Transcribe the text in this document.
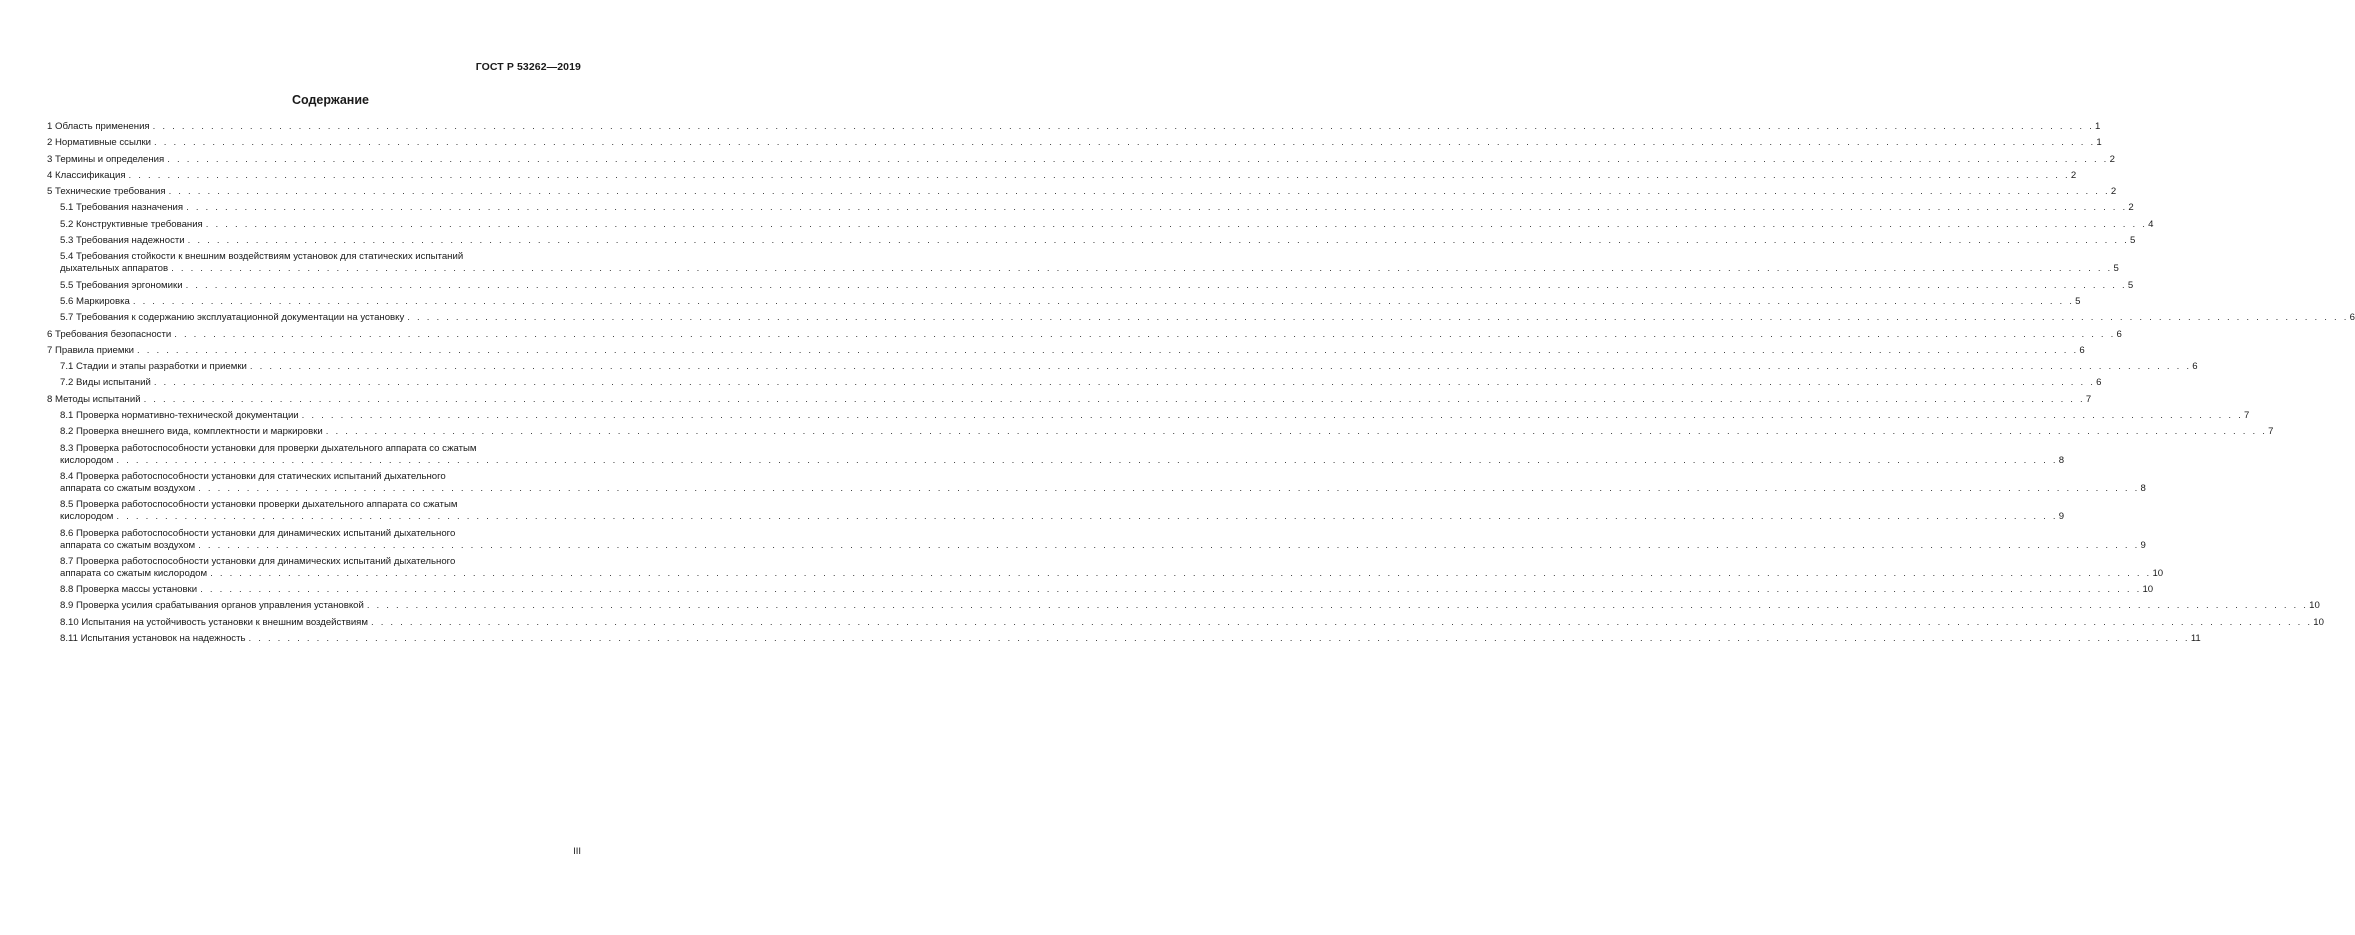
ГОСТ Р 53262—2019
Содержание
1 Область применения . . . . . . . . . . . . . . . . . . . . . . . . . . . . . . . . . . . . . . . . . . . . . . . . . . . . . . . . . . . . . . . . . . . . . . . . . . . . . . . . . . . . . . . . . . . . . . . . . . . . . . . . . . . . . . . . . . . . . . . . . . . . . . . . . . . . . . . . . . . . . . . . . . . . . . . . . . . . . . . . . . . . . . . . . . . . . . . . . . . . . . . . . . . . . . . . . . . . . . . . 1
2 Нормативные ссылки . . . . . . . . . . . . . . . . . . . . . . . . . . . . . . . . . . . . . . . . . . . . . . . . . . . . . . . . . . . . . . . . . . . . . . . . . . . . . . . . . . . . . . . . . . . . . . . . . . . . . . . . . . . . . . . . . . . . . . . . . . . . . . . . . . . . . . . . . . . . . . . . . . . . . . . . . . . . . . . . . . . . . . . . . . . . . . . . . . . . . . . . . . . . . . . . . . . . . . . . 1
3 Термины и определения . . . . . . . . . . . . . . . . . . . . . . . . . . . . . . . . . . . . . . . . . . . . . . . . . . . . . . . . . . . . . . . . . . . . . . . . . . . . . . . . . . . . . . . . . . . . . . . . . . . . . . . . . . . . . . . . . . . . . . . . . . . . . . . . . . . . . . . . . . . . . . . . . . . . . . . . . . . . . . . . . . . . . . . . . . . . . . . . . . . . . . . . . . . . . . . . . . . . . . . . 2
4 Классификация . . . . . . . . . . . . . . . . . . . . . . . . . . . . . . . . . . . . . . . . . . . . . . . . . . . . . . . . . . . . . . . . . . . . . . . . . . . . . . . . . . . . . . . . . . . . . . . . . . . . . . . . . . . . . . . . . . . . . . . . . . . . . . . . . . . . . . . . . . . . . . . . . . . . . . . . . . . . . . . . . . . . . . . . . . . . . . . . . . . . . . . . . . . . . . . . . . . . . . . . 2
5 Технические требования . . . . . . . . . . . . . . . . . . . . . . . . . . . . . . . . . . . . . . . . . . . . . . . . . . . . . . . . . . . . . . . . . . . . . . . . . . . . . . . . . . . . . . . . . . . . . . . . . . . . . . . . . . . . . . . . . . . . . . . . . . . . . . . . . . . . . . . . . . . . . . . . . . . . . . . . . . . . . . . . . . . . . . . . . . . . . . . . . . . . . . . . . . . . . . . . . . . . . . . . 2
5.1 Требования назначения . . . . . . . . . . . . . . . . . . . . . . . . . . . . . . . . . . . . . . . . . . . . . . . . . . . . . . . . . . . . . . . . . . . . . . . . . . . . . . . . . . . . . . . . . . . . . . . . . . . . . . . . . . . . . . . . . . . . . . . . . . . . . . . . . . . . . . . . . . . . . . . . . . . . . . . . . . . . . . . . . . . . . . . . . . . . . . . . . . . . . . . . . . . . . . . . . . . . . . . . 2
5.2 Конструктивные требования . . . . . . . . . . . . . . . . . . . . . . . . . . . . . . . . . . . . . . . . . . . . . . . . . . . . . . . . . . . . . . . . . . . . . . . . . . . . . . . . . . . . . . . . . . . . . . . . . . . . . . . . . . . . . . . . . . . . . . . . . . . . . . . . . . . . . . . . . . . . . . . . . . . . . . . . . . . . . . . . . . . . . . . . . . . . . . . . . . . . . . . . . . . . . . . . . . . . . . . . 4
5.3 Требования надежности . . . . . . . . . . . . . . . . . . . . . . . . . . . . . . . . . . . . . . . . . . . . . . . . . . . . . . . . . . . . . . . . . . . . . . . . . . . . . . . . . . . . . . . . . . . . . . . . . . . . . . . . . . . . . . . . . . . . . . . . . . . . . . . . . . . . . . . . . . . . . . . . . . . . . . . . . . . . . . . . . . . . . . . . . . . . . . . . . . . . . . . . . . . . . . . . . . . . . . . . 5
5.4 Требования стойкости к внешним воздействиям установок для статических испытаний
дыхательных аппаратов . . . . . . . . . . . . . . . . . . . . . . . . . . . . . . . . . . . . . . . . . . . . . . . . . . . . . . . . . . . . . . . . . . . . . . . . . . . . . . . . . . . . . . . . . . . . . . . . . . . . . . . . . . . . . . . . . . . . . . . . . . . . . . . . . . . . . . . . . . . . . . . . . . . . . . . . . . . . . . . . . . . . . . . . . . . . . . . . . . . . . . . . . . . . . . . . . . . . . . . . 5
5.5 Требования эргономики . . . . . . . . . . . . . . . . . . . . . . . . . . . . . . . . . . . . . . . . . . . . . . . . . . . . . . . . . . . . . . . . . . . . . . . . . . . . . . . . . . . . . . . . . . . . . . . . . . . . . . . . . . . . . . . . . . . . . . . . . . . . . . . . . . . . . . . . . . . . . . . . . . . . . . . . . . . . . . . . . . . . . . . . . . . . . . . . . . . . . . . . . . . . . . . . . . . . . . . . 5
5.6 Маркировка . . . . . . . . . . . . . . . . . . . . . . . . . . . . . . . . . . . . . . . . . . . . . . . . . . . . . . . . . . . . . . . . . . . . . . . . . . . . . . . . . . . . . . . . . . . . . . . . . . . . . . . . . . . . . . . . . . . . . . . . . . . . . . . . . . . . . . . . . . . . . . . . . . . . . . . . . . . . . . . . . . . . . . . . . . . . . . . . . . . . . . . . . . . . . . . . . . . . . . . . 5
5.7 Требования к содержанию эксплуатационной документации на установку . . . . . . . . . . . . . . . . . . . . . . . . . . . . . . . . . . . . . . . . . . . . . . . . . . . . . . . . . . . . . . . . . . . . . . . . . . . . . . . . . . . . . . . . . . . . . . . . . . . . . . . . . . . . . . . . . . . . . . . . . . . . . . . . . . . . . . . . . . . . . . . . . . . . . . . . . . . . . . . . . . . . . . . . . . . . . . . . . . . . . . . . . . . . . . . . . . . . . . . . 6
6 Требования безопасности . . . . . . . . . . . . . . . . . . . . . . . . . . . . . . . . . . . . . . . . . . . . . . . . . . . . . . . . . . . . . . . . . . . . . . . . . . . . . . . . . . . . . . . . . . . . . . . . . . . . . . . . . . . . . . . . . . . . . . . . . . . . . . . . . . . . . . . . . . . . . . . . . . . . . . . . . . . . . . . . . . . . . . . . . . . . . . . . . . . . . . . . . . . . . . . . . . . . . . . . 6
7 Правила приемки . . . . . . . . . . . . . . . . . . . . . . . . . . . . . . . . . . . . . . . . . . . . . . . . . . . . . . . . . . . . . . . . . . . . . . . . . . . . . . . . . . . . . . . . . . . . . . . . . . . . . . . . . . . . . . . . . . . . . . . . . . . . . . . . . . . . . . . . . . . . . . . . . . . . . . . . . . . . . . . . . . . . . . . . . . . . . . . . . . . . . . . . . . . . . . . . . . . . . . . . 6
7.1 Стадии и этапы разработки и приемки . . . . . . . . . . . . . . . . . . . . . . . . . . . . . . . . . . . . . . . . . . . . . . . . . . . . . . . . . . . . . . . . . . . . . . . . . . . . . . . . . . . . . . . . . . . . . . . . . . . . . . . . . . . . . . . . . . . . . . . . . . . . . . . . . . . . . . . . . . . . . . . . . . . . . . . . . . . . . . . . . . . . . . . . . . . . . . . . . . . . . . . . . . . . . . . . . . . . . . . . 6
7.2 Виды испытаний . . . . . . . . . . . . . . . . . . . . . . . . . . . . . . . . . . . . . . . . . . . . . . . . . . . . . . . . . . . . . . . . . . . . . . . . . . . . . . . . . . . . . . . . . . . . . . . . . . . . . . . . . . . . . . . . . . . . . . . . . . . . . . . . . . . . . . . . . . . . . . . . . . . . . . . . . . . . . . . . . . . . . . . . . . . . . . . . . . . . . . . . . . . . . . . . . . . . . . . . 6
8 Методы испытаний . . . . . . . . . . . . . . . . . . . . . . . . . . . . . . . . . . . . . . . . . . . . . . . . . . . . . . . . . . . . . . . . . . . . . . . . . . . . . . . . . . . . . . . . . . . . . . . . . . . . . . . . . . . . . . . . . . . . . . . . . . . . . . . . . . . . . . . . . . . . . . . . . . . . . . . . . . . . . . . . . . . . . . . . . . . . . . . . . . . . . . . . . . . . . . . . . . . . . . . . 7
8.1 Проверка нормативно-технической документации . . . . . . . . . . . . . . . . . . . . . . . . . . . . . . . . . . . . . . . . . . . . . . . . . . . . . . . . . . . . . . . . . . . . . . . . . . . . . . . . . . . . . . . . . . . . . . . . . . . . . . . . . . . . . . . . . . . . . . . . . . . . . . . . . . . . . . . . . . . . . . . . . . . . . . . . . . . . . . . . . . . . . . . . . . . . . . . . . . . . . . . . . . . . . . . . . . . . . . . . 7
8.2 Проверка внешнего вида, комплектности и маркировки . . . . . . . . . . . . . . . . . . . . . . . . . . . . . . . . . . . . . . . . . . . . . . . . . . . . . . . . . . . . . . . . . . . . . . . . . . . . . . . . . . . . . . . . . . . . . . . . . . . . . . . . . . . . . . . . . . . . . . . . . . . . . . . . . . . . . . . . . . . . . . . . . . . . . . . . . . . . . . . . . . . . . . . . . . . . . . . . . . . . . . . . . . . . . . . . . . . . . . . . 7
8.3 Проверка работоспособности установки для проверки дыхательного аппарата со сжатым
кислородом . . . . . . . . . . . . . . . . . . . . . . . . . . . . . . . . . . . . . . . . . . . . . . . . . . . . . . . . . . . . . . . . . . . . . . . . . . . . . . . . . . . . . . . . . . . . . . . . . . . . . . . . . . . . . . . . . . . . . . . . . . . . . . . . . . . . . . . . . . . . . . . . . . . . . . . . . . . . . . . . . . . . . . . . . . . . . . . . . . . . . . . . . . . . . . . . . . . . . . . . 8
8.4 Проверка работоспособности установки для статических испытаний дыхательного
аппарата со сжатым воздухом . . . . . . . . . . . . . . . . . . . . . . . . . . . . . . . . . . . . . . . . . . . . . . . . . . . . . . . . . . . . . . . . . . . . . . . . . . . . . . . . . . . . . . . . . . . . . . . . . . . . . . . . . . . . . . . . . . . . . . . . . . . . . . . . . . . . . . . . . . . . . . . . . . . . . . . . . . . . . . . . . . . . . . . . . . . . . . . . . . . . . . . . . . . . . . . . . . . . . . . . 8
8.5 Проверка работоспособности установки проверки дыхательного аппарата со сжатым
кислородом . . . . . . . . . . . . . . . . . . . . . . . . . . . . . . . . . . . . . . . . . . . . . . . . . . . . . . . . . . . . . . . . . . . . . . . . . . . . . . . . . . . . . . . . . . . . . . . . . . . . . . . . . . . . . . . . . . . . . . . . . . . . . . . . . . . . . . . . . . . . . . . . . . . . . . . . . . . . . . . . . . . . . . . . . . . . . . . . . . . . . . . . . . . . . . . . . . . . . . . . 9
8.6 Проверка работоспособности установки для динамических испытаний дыхательного
аппарата со сжатым воздухом . . . . . . . . . . . . . . . . . . . . . . . . . . . . . . . . . . . . . . . . . . . . . . . . . . . . . . . . . . . . . . . . . . . . . . . . . . . . . . . . . . . . . . . . . . . . . . . . . . . . . . . . . . . . . . . . . . . . . . . . . . . . . . . . . . . . . . . . . . . . . . . . . . . . . . . . . . . . . . . . . . . . . . . . . . . . . . . . . . . . . . . . . . . . . . . . . . . . . . . . 9
8.7 Проверка работоспособности установки для динамических испытаний дыхательного
аппарата со сжатым кислородом . . . . . . . . . . . . . . . . . . . . . . . . . . . . . . . . . . . . . . . . . . . . . . . . . . . . . . . . . . . . . . . . . . . . . . . . . . . . . . . . . . . . . . . . . . . . . . . . . . . . . . . . . . . . . . . . . . . . . . . . . . . . . . . . . . . . . . . . . . . . . . . . . . . . . . . . . . . . . . . . . . . . . . . . . . . . . . . . . . . . . . . . . . . . . . . . . . . . . . . . 10
8.8 Проверка массы установки . . . . . . . . . . . . . . . . . . . . . . . . . . . . . . . . . . . . . . . . . . . . . . . . . . . . . . . . . . . . . . . . . . . . . . . . . . . . . . . . . . . . . . . . . . . . . . . . . . . . . . . . . . . . . . . . . . . . . . . . . . . . . . . . . . . . . . . . . . . . . . . . . . . . . . . . . . . . . . . . . . . . . . . . . . . . . . . . . . . . . . . . . . . . . . . . . . . . . . . . 10
8.9 Проверка усилия срабатывания органов управления установкой . . . . . . . . . . . . . . . . . . . . . . . . . . . . . . . . . . . . . . . . . . . . . . . . . . . . . . . . . . . . . . . . . . . . . . . . . . . . . . . . . . . . . . . . . . . . . . . . . . . . . . . . . . . . . . . . . . . . . . . . . . . . . . . . . . . . . . . . . . . . . . . . . . . . . . . . . . . . . . . . . . . . . . . . . . . . . . . . . . . . . . . . . . . . . . . . . . . . . . . . 10
8.10 Испытания на устойчивость установки к внешним воздействиям . . . . . . . . . . . . . . . . . . . . . . . . . . . . . . . . . . . . . . . . . . . . . . . . . . . . . . . . . . . . . . . . . . . . . . . . . . . . . . . . . . . . . . . . . . . . . . . . . . . . . . . . . . . . . . . . . . . . . . . . . . . . . . . . . . . . . . . . . . . . . . . . . . . . . . . . . . . . . . . . . . . . . . . . . . . . . . . . . . . . . . . . . . . . . . . . . . . . . . . . 10
8.11 Испытания установок на надежность . . . . . . . . . . . . . . . . . . . . . . . . . . . . . . . . . . . . . . . . . . . . . . . . . . . . . . . . . . . . . . . . . . . . . . . . . . . . . . . . . . . . . . . . . . . . . . . . . . . . . . . . . . . . . . . . . . . . . . . . . . . . . . . . . . . . . . . . . . . . . . . . . . . . . . . . . . . . . . . . . . . . . . . . . . . . . . . . . . . . . . . . . . . . . . . . . . . . . . . . 11
III
